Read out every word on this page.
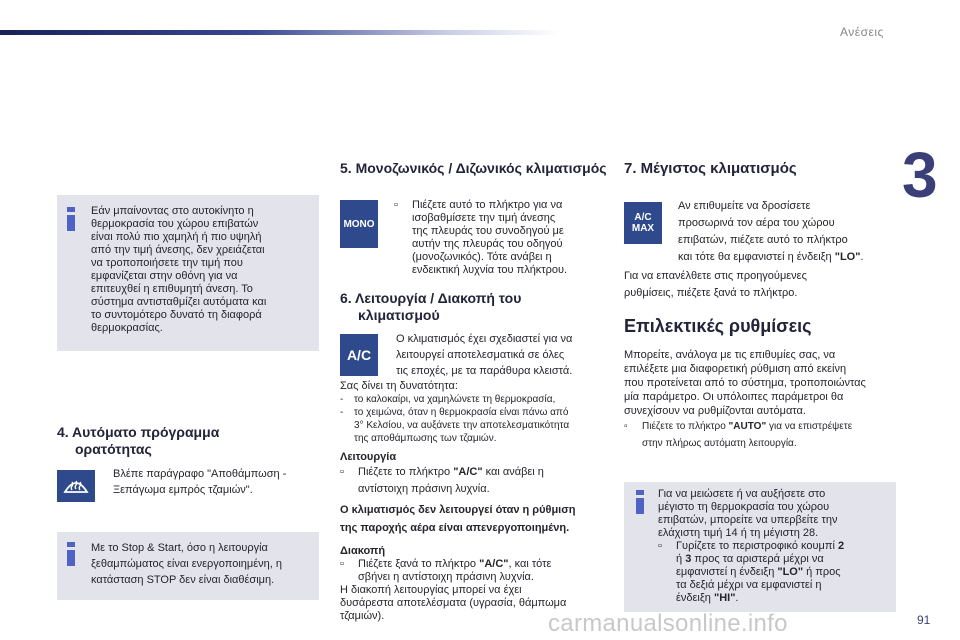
Ανέσεις
3
Εάν μπαίνοντας στο αυτοκίνητο η
θερμοκρασία του χώρου επιβατών
είναι πολύ πιο χαμηλή ή πιο υψηλή
από την τιμή άνεσης, δεν χρειάζεται
να τροποποιήσετε την τιμή που
εμφανίζεται στην οθόνη για να
επιτευχθεί η επιθυμητή άνεση. Το
σύστημα αντισταθμίζει αυτόματα και
το συντομότερο δυνατό τη διαφορά
θερμοκρασίας.
4. Αυτόματο πρόγραμμα
ορατότητας
Βλέπε παράγραφο "Αποθάμπωση -
Ξεπάγωμα εμπρός τζαμιών".
Με το Stop & Start, όσο η λειτουργία
ξεθαμπώματος είναι ενεργοποιημένη, η
κατάσταση STOP δεν είναι διαθέσιμη.
5. Μονοζωνικός / Διζωνικός κλιματισμός
MONO
▫	Πιέζετε αυτό το πλήκτρο για να
ισοβαθμίσετε την τιμή άνεσης
της πλευράς του συνοδηγού με
αυτήν της πλευράς του οδηγού
(μονοζωνικός). Τότε ανάβει η
ενδεικτική λυχνία του πλήκτρου.
6. Λειτουργία / Διακοπή του
κλιματισμού
A/C
Ο κλιματισμός έχει σχεδιαστεί για να
λειτουργεί αποτελεσματικά σε όλες
τις εποχές, με τα παράθυρα κλειστά.
Σας δίνει τη δυνατότητα:
-	το καλοκαίρι, να χαμηλώνετε τη θερμοκρασία,
-	το χειμώνα, όταν η θερμοκρασία είναι πάνω από
3° Κελσίου, να αυξάνετε την αποτελεσματικότητα
της αποθάμπωσης των τζαμιών.
Λειτουργία
▫	Πιέζετε το πλήκτρο "A/C" και ανάβει η
αντίστοιχη πράσινη λυχνία.
Ο κλιματισμός δεν λειτουργεί όταν η ρύθμιση
της παροχής αέρα είναι απενεργοποιημένη.
Διακοπή
▫	Πιέζετε ξανά το πλήκτρο "A/C", και τότε
σβήνει η αντίστοιχη πράσινη λυχνία.
Η διακοπή λειτουργίας μπορεί να έχει
δυσάρεστα αποτελέσματα (υγρασία, θάμπωμα
τζαμιών).
7. Μέγιστος κλιματισμός
A/C
MAX
Αν επιθυμείτε να δροσίσετε
προσωρινά τον αέρα του χώρου
επιβατών, πιέζετε αυτό το πλήκτρο
και τότε θα εμφανιστεί η ένδειξη "LO".
Για να επανέλθετε στις προηγούμενες
ρυθμίσεις, πιέζετε ξανά το πλήκτρο.
Επιλεκτικές ρυθμίσεις
Μπορείτε, ανάλογα με τις επιθυμίες σας, να
επιλέξετε μια διαφορετική ρύθμιση από εκείνη
που προτείνεται από το σύστημα, τροποποιώντας
μία παράμετρο. Οι υπόλοιπες παράμετροι θα
συνεχίσουν να ρυθμίζονται αυτόματα.
▫	Πιέζετε το πλήκτρο "AUTO" για να επιστρέψετε
στην πλήρως αυτόματη λειτουργία.
Για να μειώσετε ή να αυξήσετε στο
μέγιστο τη θερμοκρασία του χώρου
επιβατών, μπορείτε να υπερβείτε την
ελάχιστη τιμή 14 ή τη μέγιστη 28.
▫	Γυρίζετε το περιστροφικό κουμπί 2
ή 3 προς τα αριστερά μέχρι να
εμφανιστεί η ένδειξη "LO" ή προς
τα δεξιά μέχρι να εμφανιστεί η
ένδειξη "HI".
carmanualsonline.info	91
